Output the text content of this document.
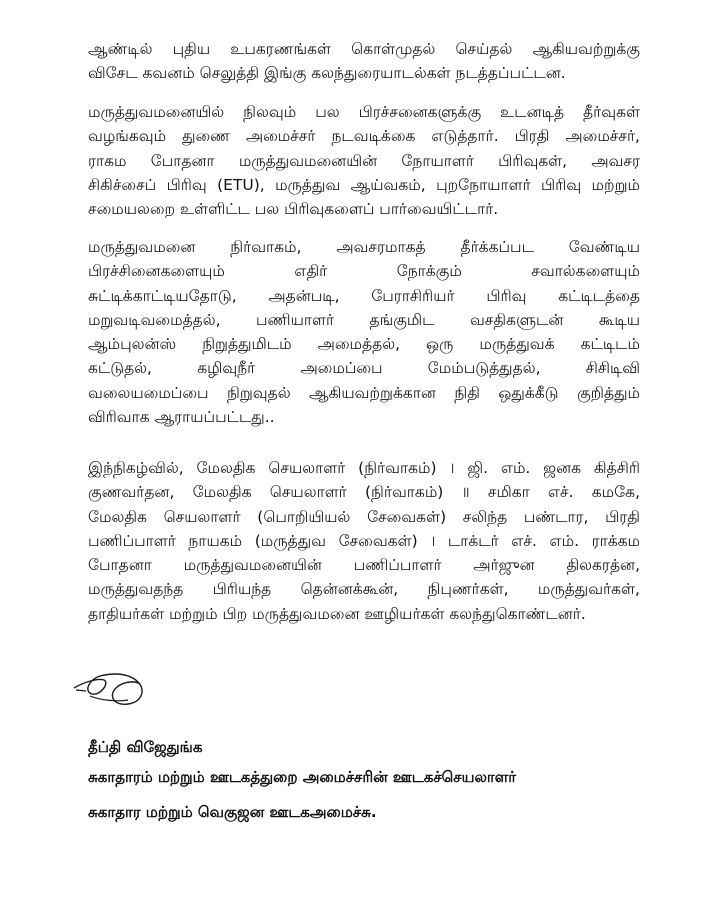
ஆண்டில் புதிய உபகரணங்கள் கொள்முதல் செய்தல் ஆகியவற்றுக்கு
விசேட கவனம் செலுத்தி இங்கு கலந்துரையாடல்கள் நடத்தப்பட்டன.
மருத்துவமனையில் நிலவும் பல பிரச்சனைகளுக்கு உடனடித் தீர்வுகள்
வழங்கவும் துணை அமைச்சர் நடவடிக்கை எடுத்தார். பிரதி அமைச்சர்,
ராகம போதனா மருத்துவமனையின் நோயாளர் பிரிவுகள், அவசர
சிகிச்சைப் பிரிவு (ETU), மருத்துவ ஆய்வகம், புறநோயாளர் பிரிவு மற்றும்
சமையலறை உள்ளிட்ட பல பிரிவுகளைப் பார்வையிட்டார்.
மருத்துவமனை நிர்வாகம், அவசரமாகத் தீர்க்கப்பட வேண்டிய
பிரச்சினைகளையும் எதிர் நோக்கும் சவால்களையும்
சுட்டிக்காட்டியதோடு, அதன்படி, பேராசிரியர் பிரிவு கட்டிடத்தை
மறுவடிவமைத்தல், பணியாளர் தங்குமிட வசதிகளுடன் கூடிய
ஆம்புலன்ஸ் நிறுத்துமிடம் அமைத்தல், ஒரு மருத்துவக் கட்டிடம்
கட்டுதல், கழிவுநீர் அமைப்பை மேம்படுத்துதல், சிசிடிவி
வலையமைப்பை நிறுவுதல் ஆகியவற்றுக்கான நிதி ஒதுக்கீடு குறித்தும்
விரிவாக ஆராயப்பட்டது..
இந்நிகழ்வில், மேலதிக செயலாளர் (நிர்வாகம்) । ஜி. எம். ஜனக கித்சிரி
குணவர்தன, மேலதிக செயலாளர் (நிர்வாகம்) ॥ சமிகா எச். கமகே,
மேலதிக செயலாளர் (பொறியியல் சேவைகள்) சலிந்த பண்டார, பிரதி
பணிப்பாளர் நாயகம் (மருத்துவ சேவைகள்) । டாக்டர் எச். எம். ராக்கம
போதனா மருத்துவமனையின் பணிப்பாளர் அர்ஜுன திலகரத்ன,
மருத்துவதந்த பிரியந்த தென்னக்கூன், நிபுணர்கள், மருத்துவர்கள்,
தாதியர்கள் மற்றும் பிற மருத்துவமனை ஊழியர்கள் கலந்துகொண்டனர்.
தீப்தி விஜேதுங்க
சுகாதாரம் மற்றும் ஊடகத்துறை அமைச்சரின் ஊடகச்செயலாளர்
சுகாதார மற்றும் வெகுஜன ஊடகஅமைச்சு.
